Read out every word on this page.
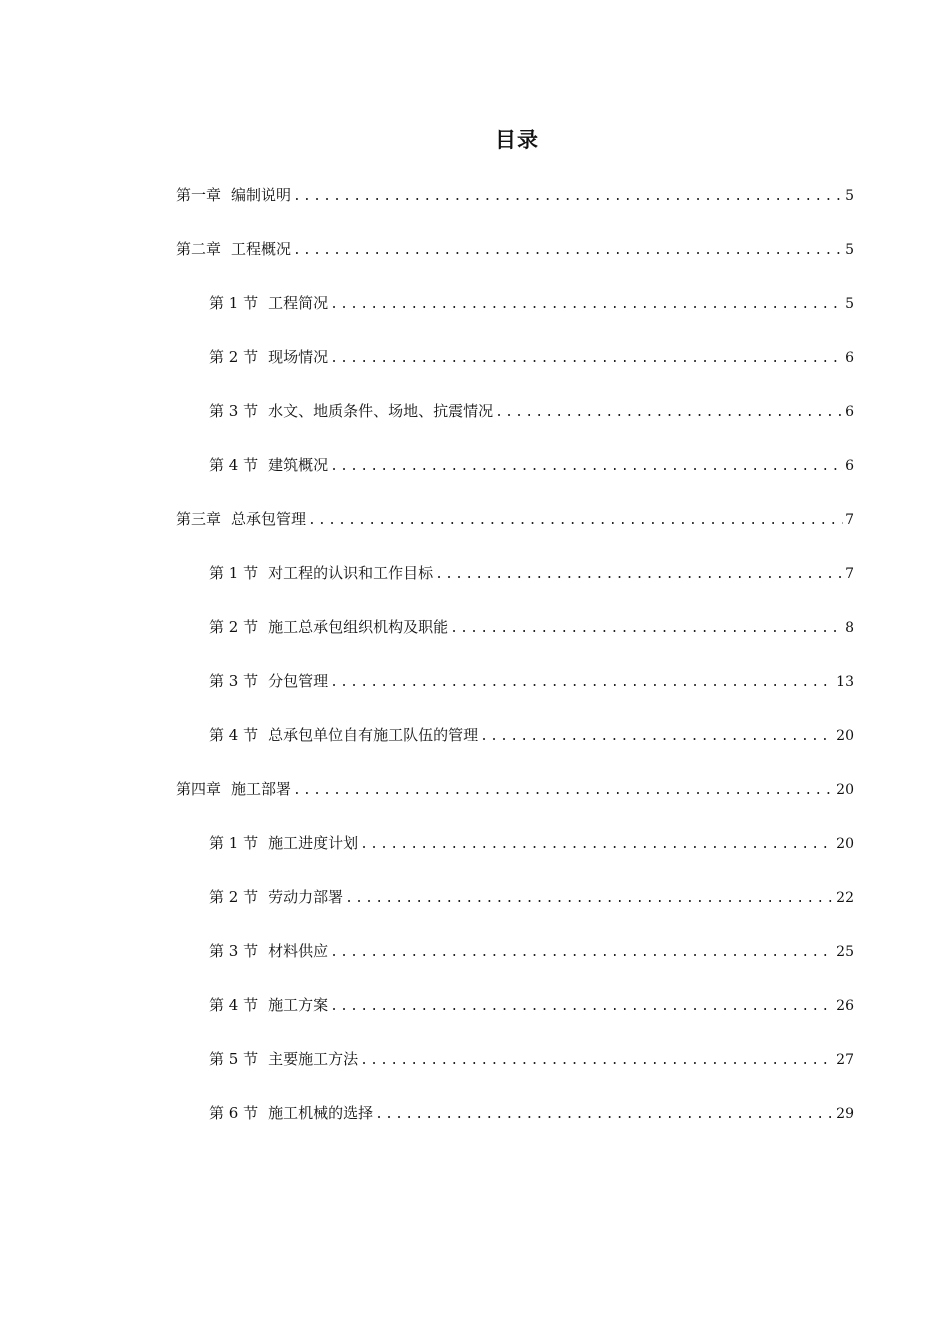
目录
第一章 编制说明 .....	5
第二章 工程概况 .....	5
第 1 节 工程简况 .....	5
第 2 节 现场情况 .....	6
第 3 节 水文、地质条件、场地、抗震情况 .....	6
第 4 节 建筑概况 .....	6
第三章 总承包管理 .....	7
第 1 节 对工程的认识和工作目标 .....	7
第 2 节 施工总承包组织机构及职能 .....	8
第 3 节 分包管理 .....	13
第 4 节 总承包单位自有施工队伍的管理 .....	20
第四章 施工部署 .....	20
第 1 节 施工进度计划 .....	20
第 2 节 劳动力部署 .....	22
第 3 节 材料供应 .....	25
第 4 节 施工方案 .....	26
第 5 节 主要施工方法 .....	27
第 6 节 施工机械的选择 .....	29
